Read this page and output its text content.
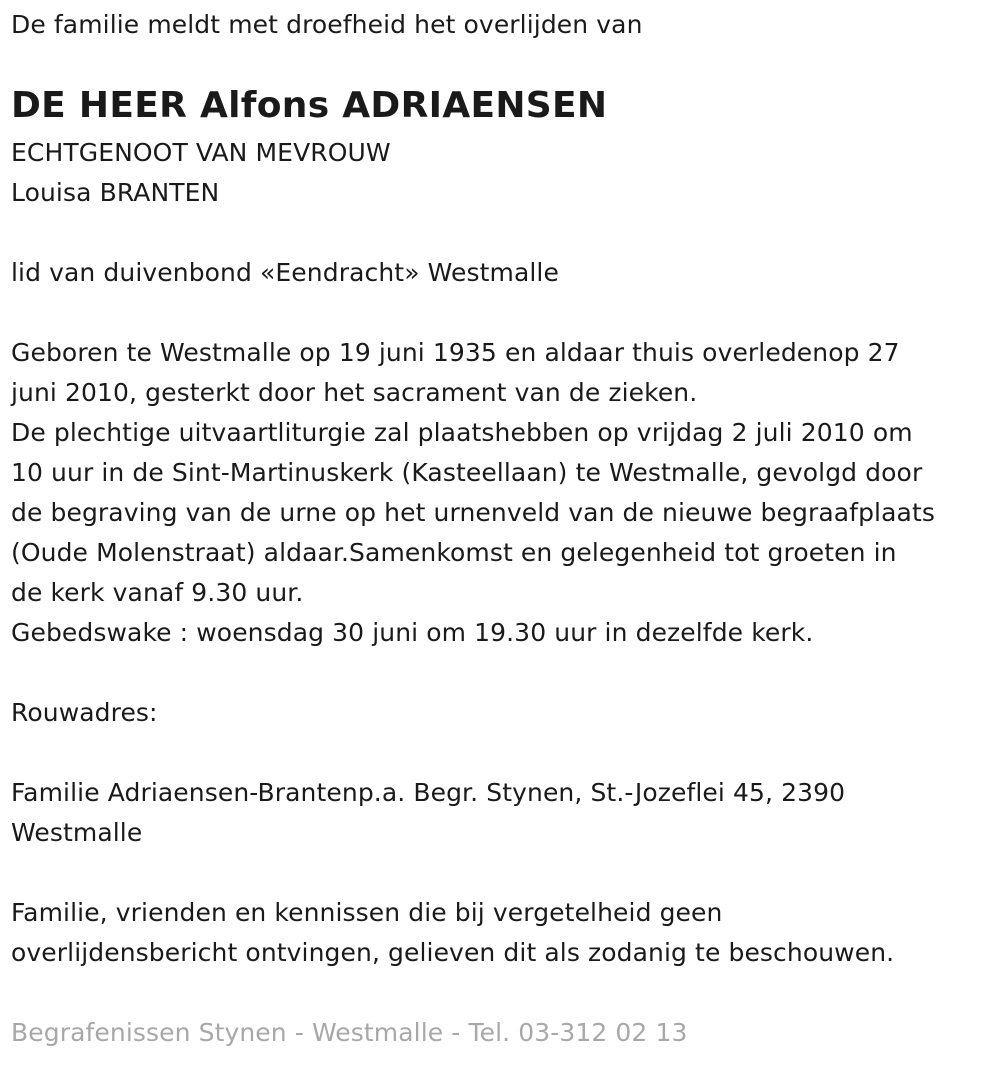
De familie meldt met droefheid het overlijden van

DE HEER Alfons ADRIAENSEN

ECHTGENOOT VAN MEVROUW

Louisa BRANTEN

lid van duivenbond «Eendracht» Westmalle

Geboren te Westmalle op 19 juni 1935 en aldaar thuis overledenop 27

juni 2010, gesterkt door het sacrament van de zieken.

De plechtige uitvaartliturgie zal plaatshebben op vrijdag 2 juli 2010 om

10 uur in de Sint-Martinuskerk (Kasteellaan) te Westmalle, gevolgd door

de begraving van de urne op het urnenveld van de nieuwe begraafplaats

(Oude Molenstraat) aldaar.Samenkomst en gelegenheid tot groeten in

de kerk vanaf 9.30 uur.

Gebedswake : woensdag 30 juni om 19.30 uur in dezelfde kerk.

Rouwadres:

Familie Adriaensen-Brantenp.a. Begr. Stynen, St.-Jozeflei 45, 2390

Westmalle

Familie, vrienden en kennissen die bij vergetelheid geen

overlijdensbericht ontvingen, gelieven dit als zodanig te beschouwen.

Begrafenissen Stynen - Westmalle - Tel. 03-312 02 13
